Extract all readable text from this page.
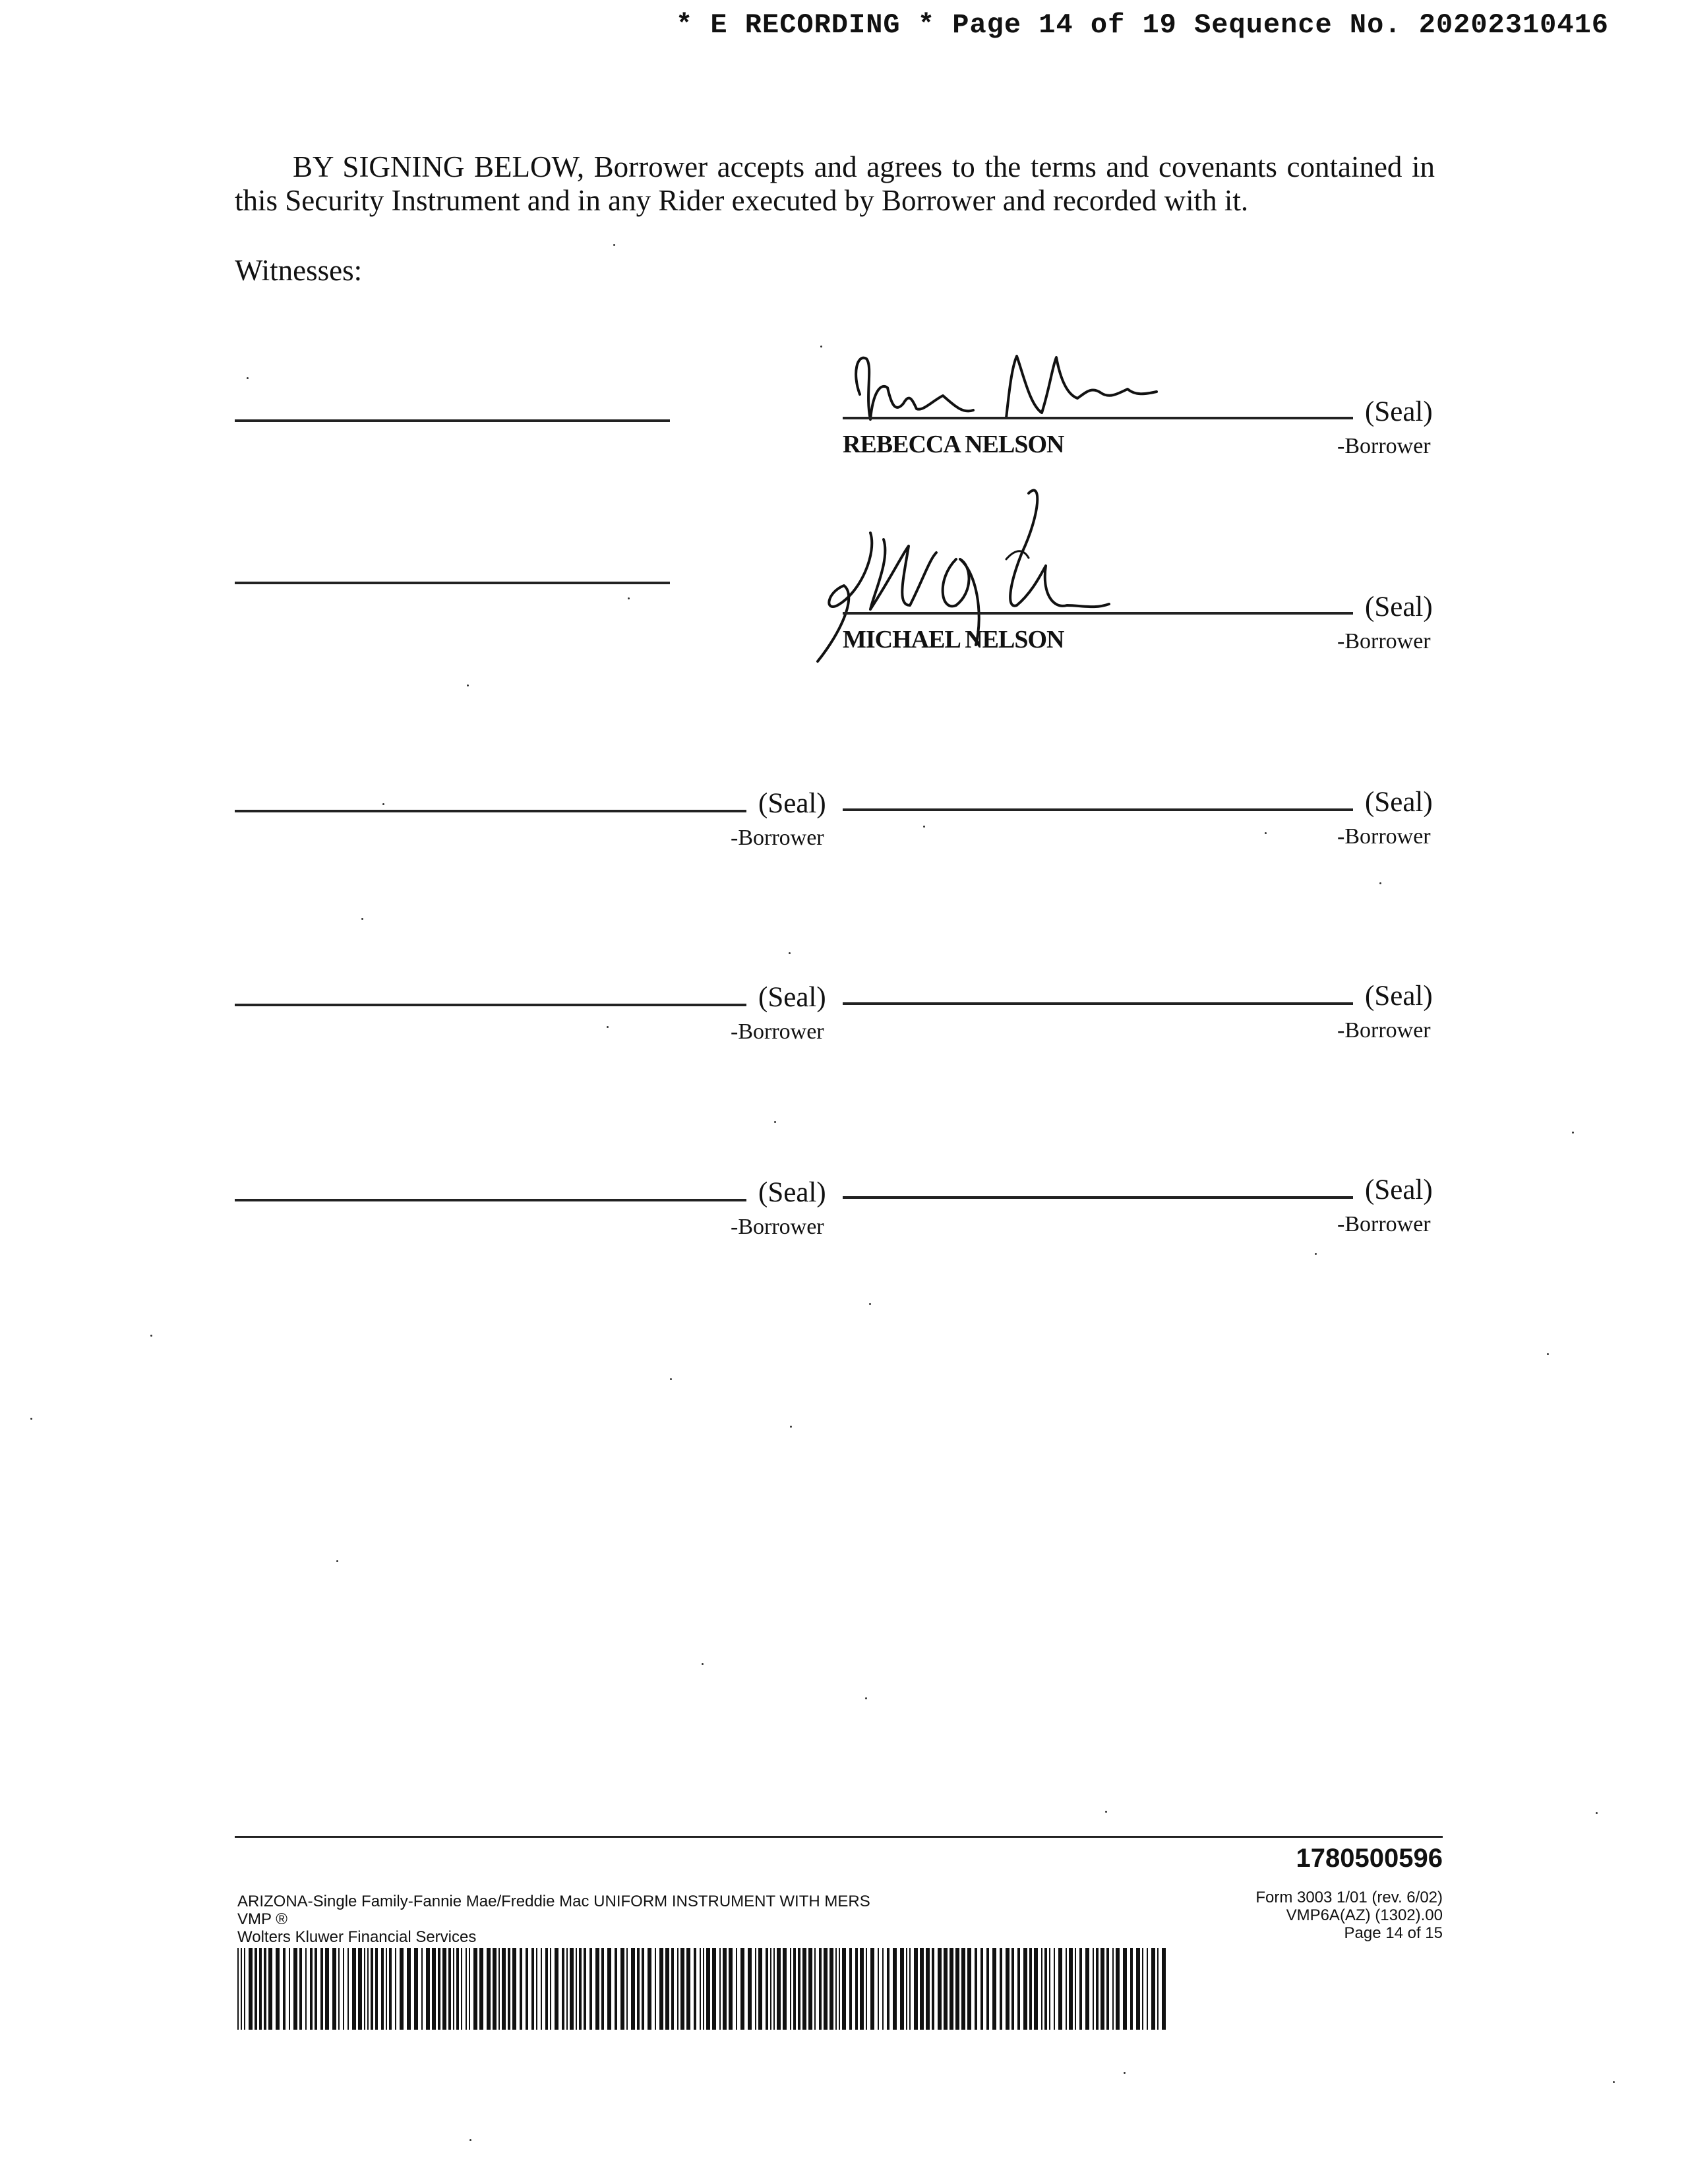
* E RECORDING * Page 14 of 19 Sequence No. 20202310416
BY SIGNING BELOW, Borrower accepts and agrees to the terms and covenants contained in this Security Instrument and in any Rider executed by Borrower and recorded with it.
Witnesses:
(Seal)
REBECCA NELSON	-Borrower
(Seal)
MICHAEL NELSON	-Borrower
(Seal)
-Borrower
(Seal)
-Borrower
(Seal)
-Borrower
(Seal)
-Borrower
(Seal)
-Borrower
(Seal)
-Borrower
1780500596
ARIZONA-Single Family-Fannie Mae/Freddie Mac UNIFORM INSTRUMENT WITH MERS
VMP ®
Wolters Kluwer Financial Services
Form 3003 1/01 (rev. 6/02)
VMP6A(AZ) (1302).00
Page 14 of 15
